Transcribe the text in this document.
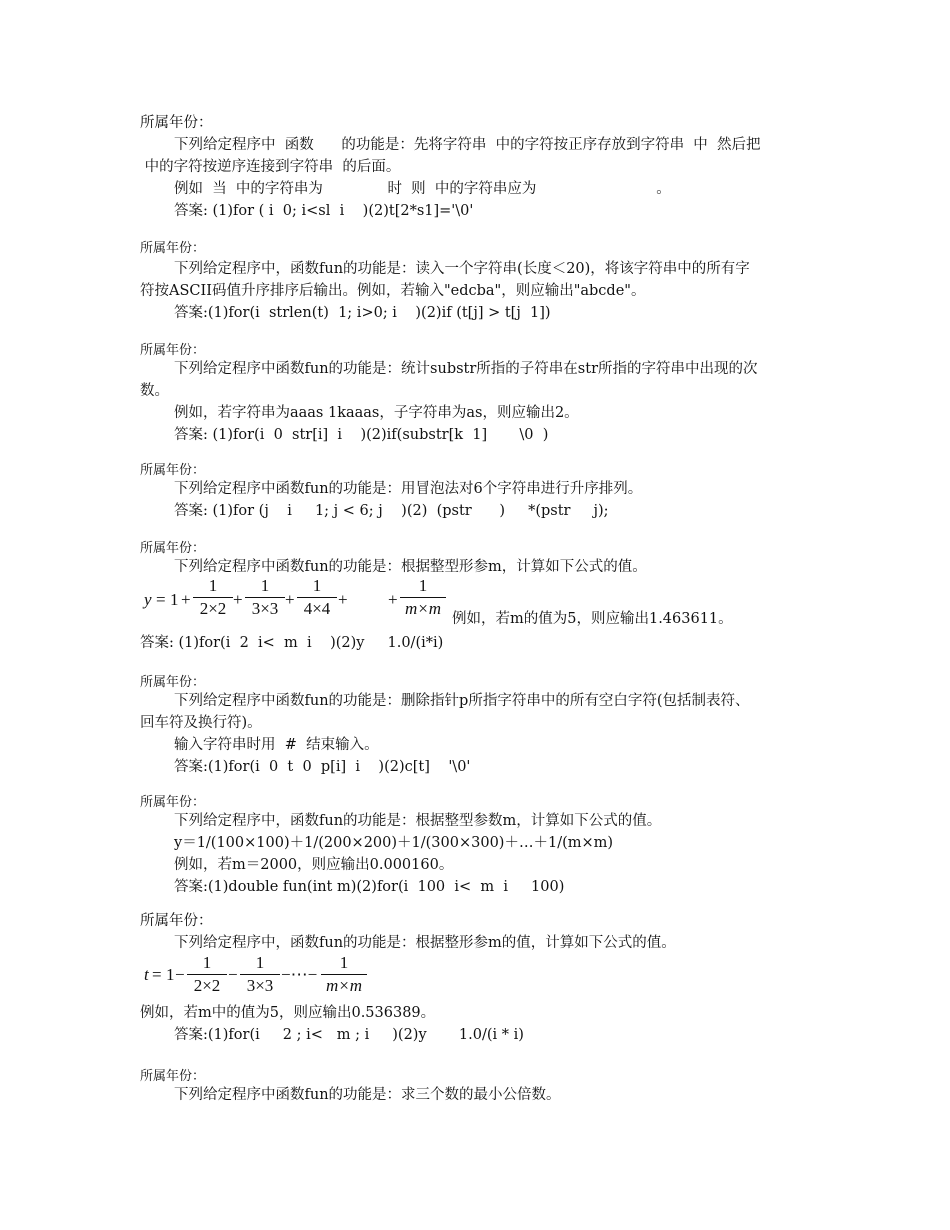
所属年份：
下列给定程序中  函数      的功能是：先将字符串  中的字符按正序存放到字符串  中  然后把
中的字符按逆序连接到字符串  的后面。
例如  当  中的字符串为              时  则  中的字符串应为                          。
答案: (1)for ( i  0; i<sl  i    )(2)t[2*s1]='\0'
所属年份：
下列给定程序中，函数fun的功能是：读入一个字符串(长度＜20)，将该字符串中的所有字
符按ASCII码值升序排序后输出。例如，若输入"edcba"，则应输出"abcde"。
答案:(1)for(i  strlen(t)  1; i>0; i    )(2)if (t[j] > t[j  1])
所属年份：
下列给定程序中函数fun的功能是：统计substr所指的子符串在str所指的字符串中出现的次
数。
例如，若字符串为aaas 1kaaas，子字符串为as，则应输出2。
答案: (1)for(i  0  str[i]  i    )(2)if(substr[k  1]       \0  )
所属年份：
下列给定程序中函数fun的功能是：用冒泡法对6个字符串进行升序排列。
答案: (1)for (j    i     1; j < 6; j    )(2)  (pstr      )     *(pstr     j);
所属年份：
下列给定程序中函数fun的功能是：根据整型形参m，计算如下公式的值。
y = 1 +
1
2×2 +
1
3×3 +
1
4×4 + +
1
m×m
例如，若m的值为5，则应输出1.463611。
答案: (1)for(i  2  i<  m  i    )(2)y     1.0/(i*i)
所属年份：
下列给定程序中函数fun的功能是：删除指针p所指字符串中的所有空白字符(包括制表符、
回车符及换行符)。
输入字符串时用  #  结束输入。
答案:(1)for(i  0  t  0  p[i]  i    )(2)c[t]    '\0'
所属年份：
下列给定程序中，函数fun的功能是：根据整型参数m，计算如下公式的值。
y＝1/(100×100)＋1/(200×200)＋1/(300×300)＋…＋1/(m×m)
例如，若m＝2000，则应输出0.000160。
答案:(1)double fun(int m)(2)for(i  100  i<  m  i     100)
所属年份：
下列给定程序中，函数fun的功能是：根据整形参m的值，计算如下公式的值。
t = 1 −
1
2×2
−
1
3×3
−⋯−
1
m×m
例如，若m中的值为5，则应输出0.536389。
答案:(1)for(i     2 ; i<   m ; i     )(2)y       1.0/(i * i)
所属年份：
下列给定程序中函数fun的功能是：求三个数的最小公倍数。
